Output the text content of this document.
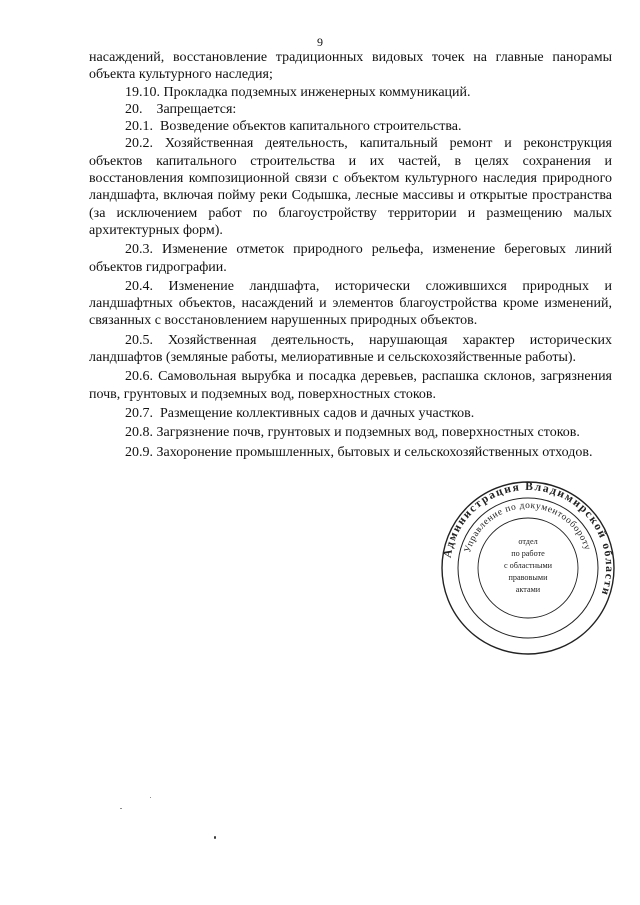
9

насаждений, восстановление традиционных видовых точек на главные панорамы объекта культурного наследия;

19.10. Прокладка подземных инженерных коммуникаций.

20.    Запрещается:

20.1.  Возведение объектов капитального строительства.

20.2. Хозяйственная деятельность, капитальный ремонт и реконструкция объектов капитального строительства и их частей, в целях сохранения и восстановления композиционной связи с объектом культурного наследия природного ландшафта, включая пойму реки Содышка, лесные массивы и открытые пространства (за исключением работ по благоустройству территории и размещению малых архитектурных форм).

20.3. Изменение отметок природного рельефа, изменение береговых линий объектов гидрографии.

20.4. Изменение ландшафта, исторически сложившихся природных и ландшафтных объектов, насаждений и элементов благоустройства кроме изменений, связанных с восстановлением нарушенных природных объектов.

20.5. Хозяйственная деятельность, нарушающая характер исторических ландшафтов (земляные работы, мелиоративные и сельскохозяйственные работы).

20.6. Самовольная вырубка и посадка деревьев, распашка склонов, загрязнения почв, грунтовых и подземных вод, поверхностных стоков.

20.7.  Размещение коллективных садов и дачных участков.

20.8. Загрязнение почв, грунтовых и подземных вод, поверхностных стоков.

20.9. Захоронение промышленных, бытовых и сельскохозяйственных отходов.

Администрация Владимирской области
Управление по документообороту
отдел
по работе
с областными
правовыми
актами
